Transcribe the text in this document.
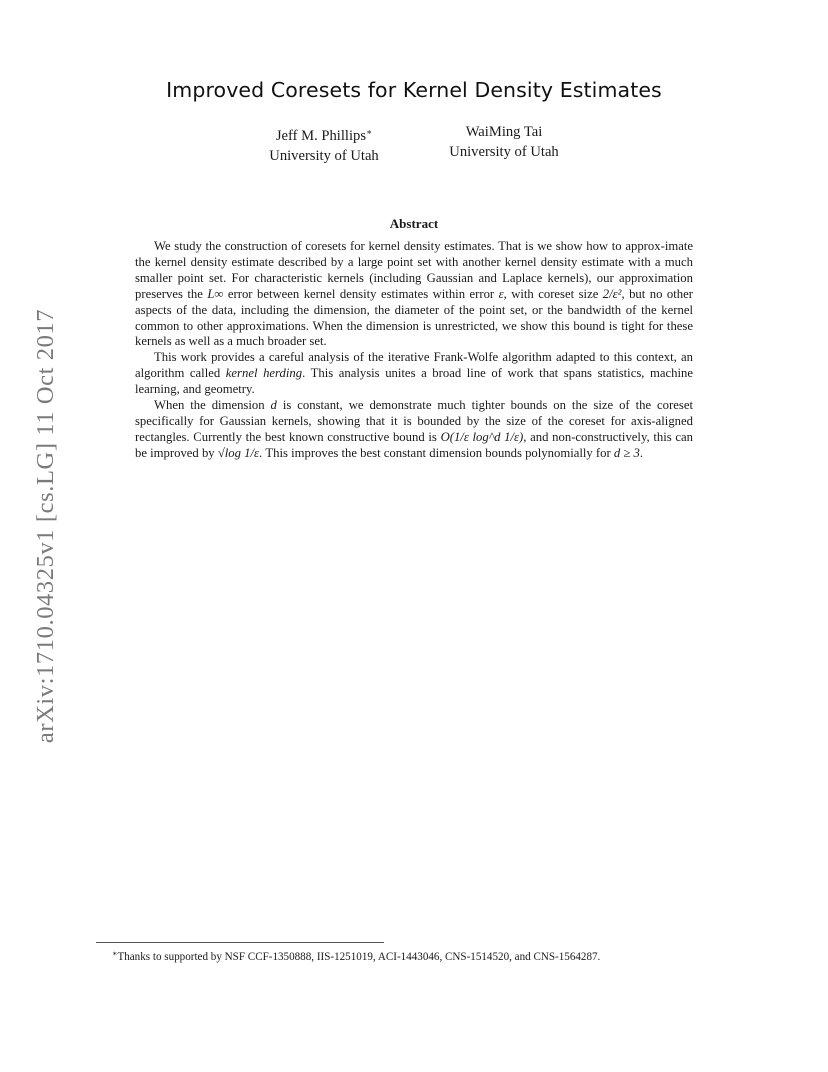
arXiv:1710.04325v1 [cs.LG] 11 Oct 2017
Improved Coresets for Kernel Density Estimates
Jeff M. Phillips∗
University of Utah
WaiMing Tai
University of Utah
Abstract

We study the construction of coresets for kernel density estimates. That is we show how to approx-imate the kernel density estimate described by a large point set with another kernel density estimate with a much smaller point set. For characteristic kernels (including Gaussian and Laplace kernels), our approximation preserves the L∞ error between kernel density estimates within error ε, with coreset size 2/ε², but no other aspects of the data, including the dimension, the diameter of the point set, or the bandwidth of the kernel common to other approximations. When the dimension is unrestricted, we show this bound is tight for these kernels as well as a much broader set.

This work provides a careful analysis of the iterative Frank-Wolfe algorithm adapted to this context, an algorithm called kernel herding. This analysis unites a broad line of work that spans statistics, machine learning, and geometry.

When the dimension d is constant, we demonstrate much tighter bounds on the size of the coreset specifically for Gaussian kernels, showing that it is bounded by the size of the coreset for axis-aligned rectangles. Currently the best known constructive bound is O(1/ε log^d 1/ε), and non-constructively, this can be improved by √log 1/ε. This improves the best constant dimension bounds polynomially for d ≥ 3.

∗Thanks to supported by NSF CCF-1350888, IIS-1251019, ACI-1443046, CNS-1514520, and CNS-1564287.
